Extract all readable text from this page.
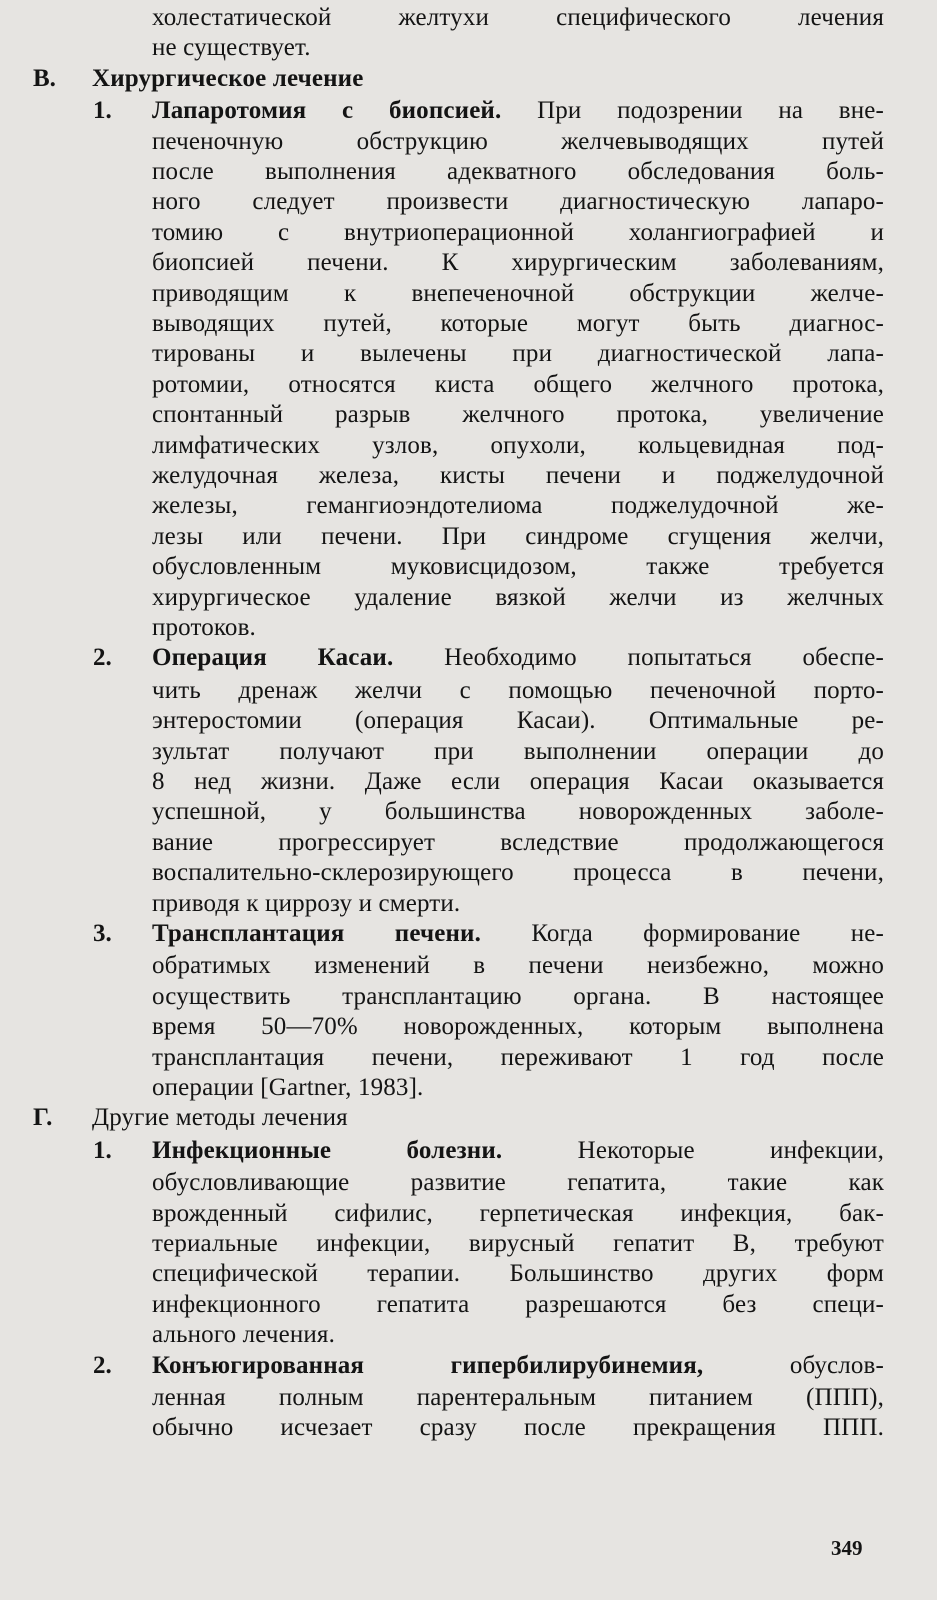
холестатической желтухи специфического лечения
не существует.
В. Хирургическое лечение
1. Лапаротомия с биопсией. При подозрении на вне-
печеночную обструкцию желчевыводящих путей
после выполнения адекватного обследования боль-
ного следует произвести диагностическую лапаро-
томию с внутриоперационной холангиографией и
биопсией печени. К хирургическим заболеваниям,
приводящим к внепеченочной обструкции желче-
выводящих путей, которые могут быть диагнос-
тированы и вылечены при диагностической лапа-
ротомии, относятся киста общего желчного протока,
спонтанный разрыв желчного протока, увеличение
лимфатических узлов, опухоли, кольцевидная под-
желудочная железа, кисты печени и поджелудочной
железы, гемангиоэндотелиома поджелудочной же-
лезы или печени. При синдроме сгущения желчи,
обусловленным муковисцидозом, также требуется
хирургическое удаление вязкой желчи из желчных
протоков.
2. Операция Касаи. Необходимо попытаться обеспе-
чить дренаж желчи с помощью печеночной порто-
энтеростомии (операция Касаи). Оптимальные ре-
зультат получают при выполнении операции до
8 нед жизни. Даже если операция Касаи оказывается
успешной, у большинства новорожденных заболе-
вание прогрессирует вследствие продолжающегося
воспалительно-склерозирующего процесса в печени,
приводя к циррозу и смерти.
3. Трансплантация печени. Когда формирование не-
обратимых изменений в печени неизбежно, можно
осуществить трансплантацию органа. В настоящее
время 50—70% новорожденных, которым выполнена
трансплантация печени, переживают 1 год после
операции [Gartner, 1983].
Г. Другие методы лечения
1. Инфекционные болезни. Некоторые инфекции,
обусловливающие развитие гепатита, такие как
врожденный сифилис, герпетическая инфекция, бак-
териальные инфекции, вирусный гепатит В, требуют
специфической терапии. Большинство других форм
инфекционного гепатита разрешаются без специ-
ального лечения.
2. Конъюгированная гипербилирубинемия, обуслов-
ленная полным парентеральным питанием (ППП),
обычно исчезает сразу после прекращения ППП.
349
